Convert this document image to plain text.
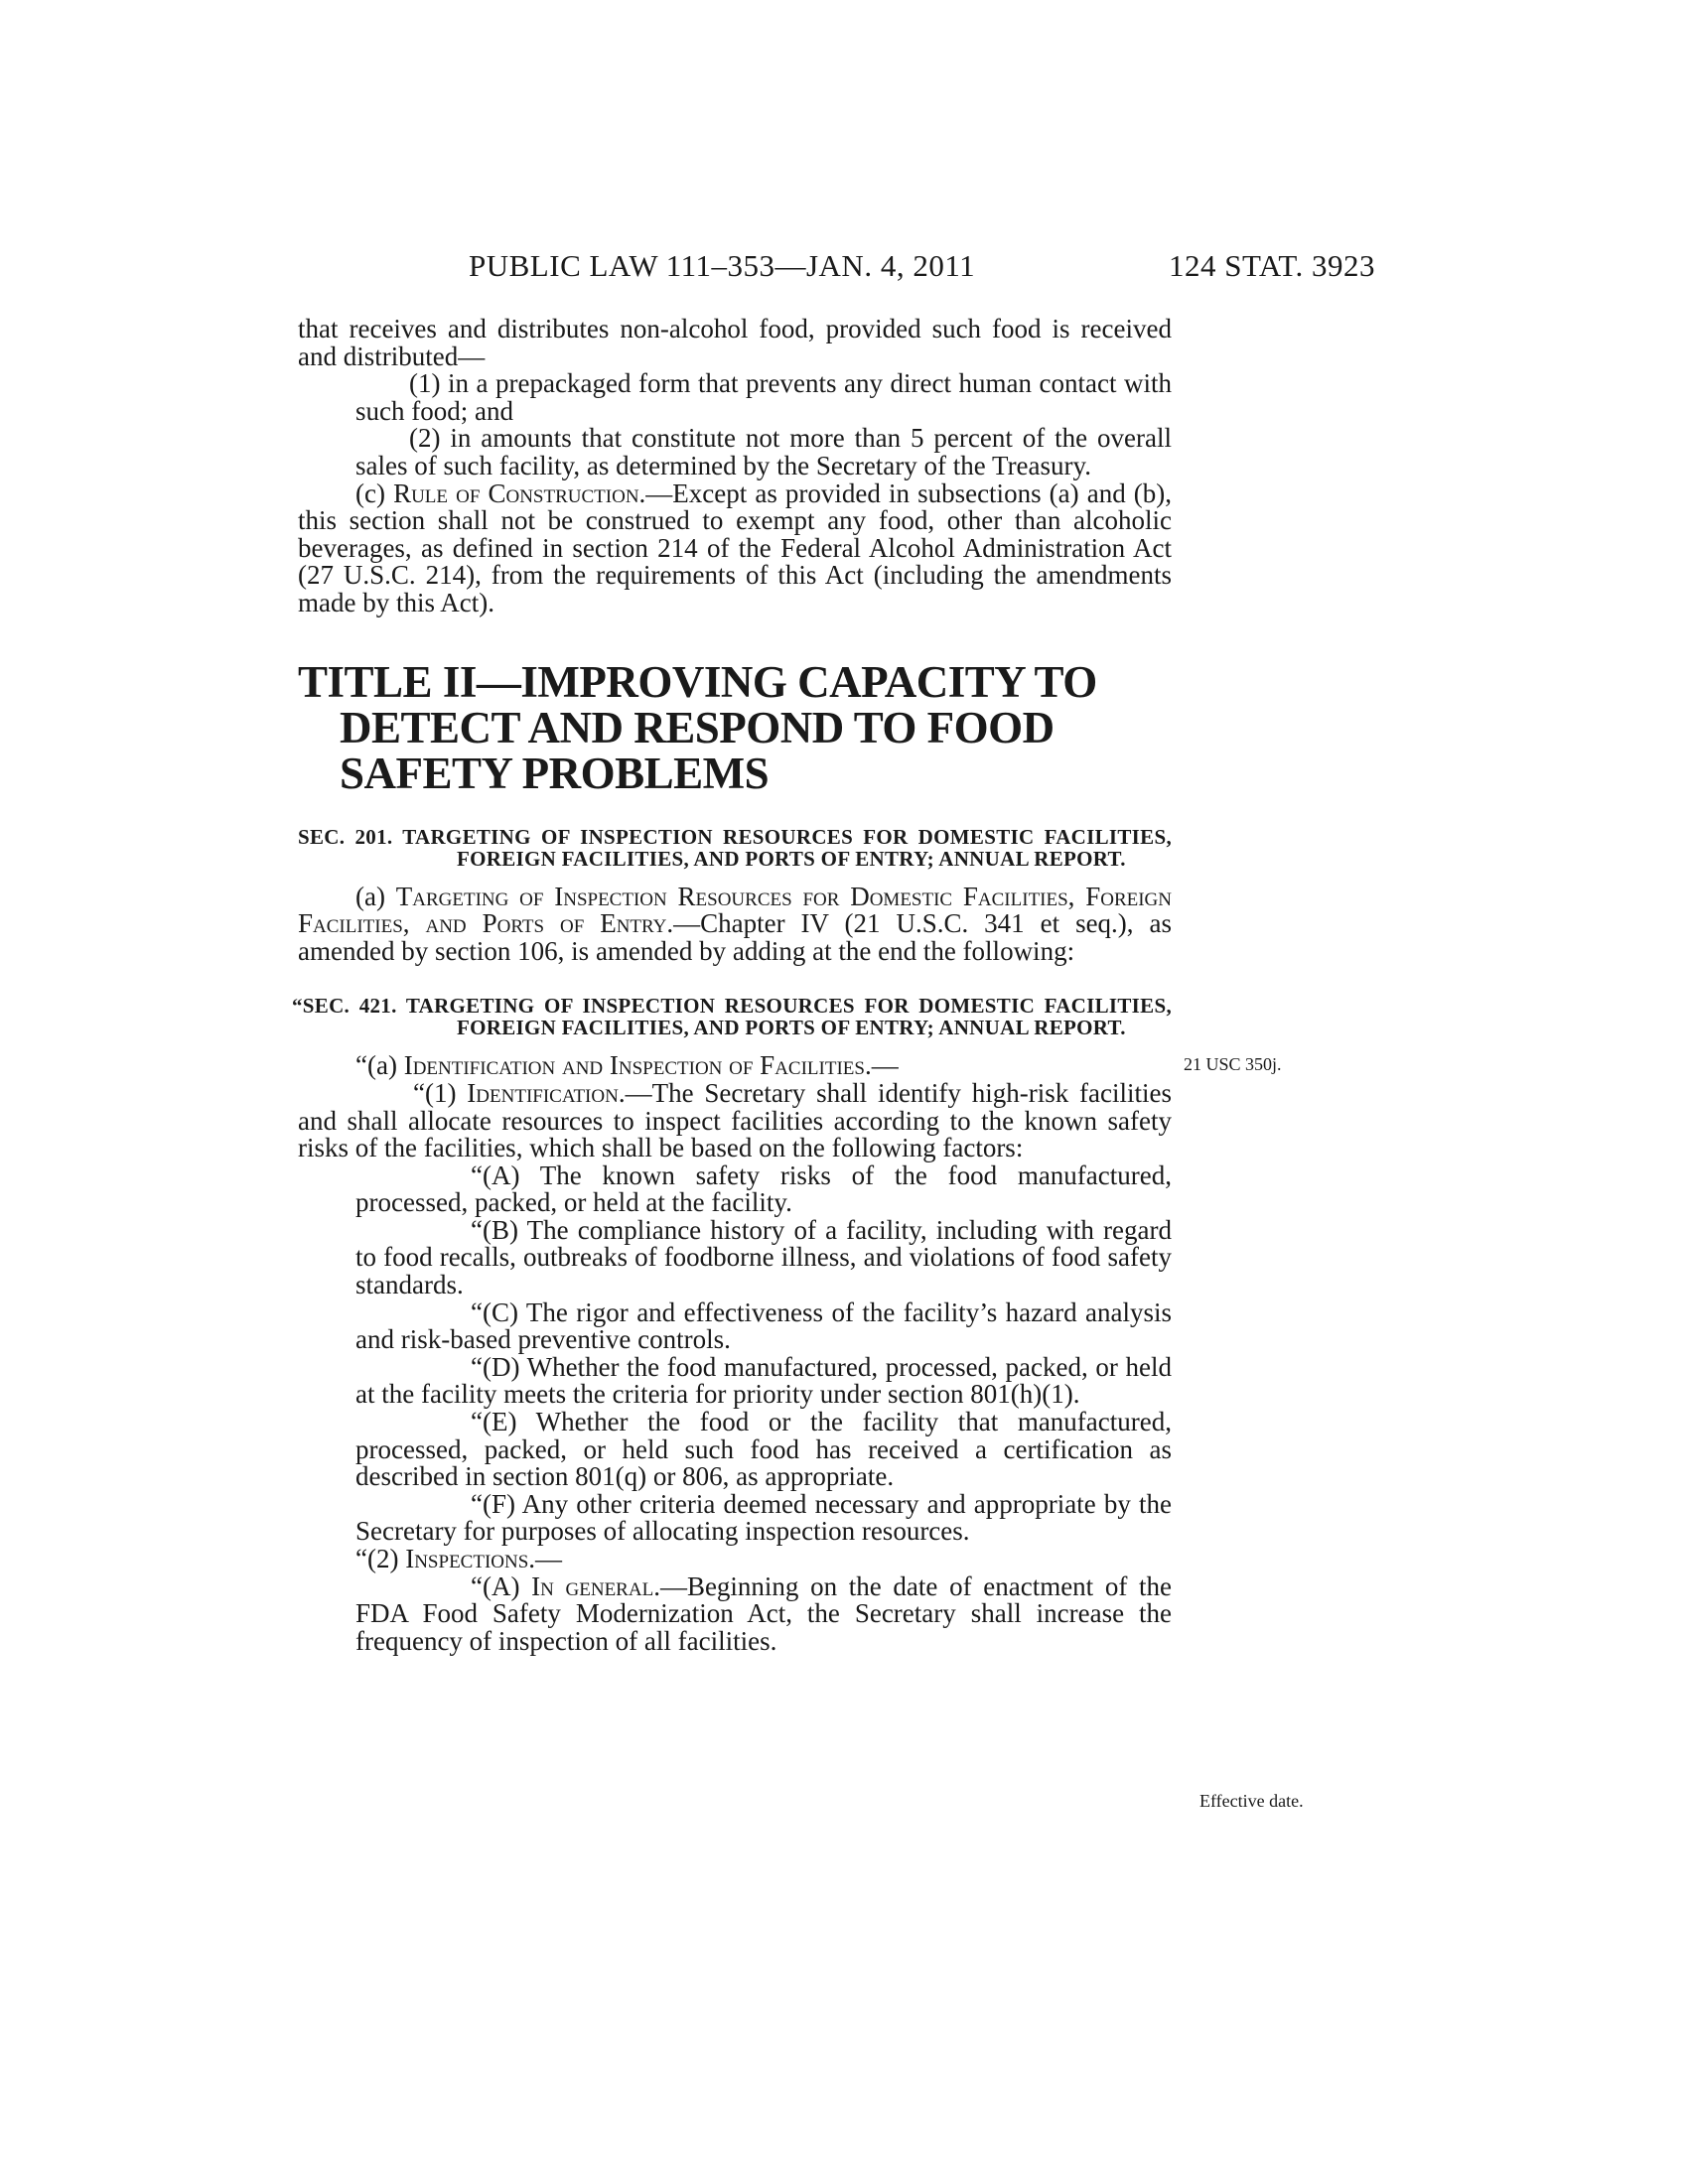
PUBLIC LAW 111–353—JAN. 4, 2011	124 STAT. 3923

that receives and distributes non-alcohol food, provided such food is received and distributed—

(1) in a prepackaged form that prevents any direct human contact with such food; and

(2) in amounts that constitute not more than 5 percent of the overall sales of such facility, as determined by the Secretary of the Treasury.

(c) Rule of Construction.—Except as provided in subsections (a) and (b), this section shall not be construed to exempt any food, other than alcoholic beverages, as defined in section 214 of the Federal Alcohol Administration Act (27 U.S.C. 214), from the requirements of this Act (including the amendments made by this Act).

TITLE II—IMPROVING CAPACITY TO DETECT AND RESPOND TO FOOD SAFETY PROBLEMS

SEC. 201. TARGETING OF INSPECTION RESOURCES FOR DOMESTIC FACILITIES, FOREIGN FACILITIES, AND PORTS OF ENTRY; ANNUAL REPORT.

(a) Targeting of Inspection Resources for Domestic Facilities, Foreign Facilities, and Ports of Entry.—Chapter IV (21 U.S.C. 341 et seq.), as amended by section 106, is amended by adding at the end the following:

“SEC. 421. TARGETING OF INSPECTION RESOURCES FOR DOMESTIC FACILITIES, FOREIGN FACILITIES, AND PORTS OF ENTRY; ANNUAL REPORT.

“(a) Identification and Inspection of Facilities.—

“(1) Identification.—The Secretary shall identify high-risk facilities and shall allocate resources to inspect facilities according to the known safety risks of the facilities, which shall be based on the following factors:

“(A) The known safety risks of the food manufactured, processed, packed, or held at the facility.

“(B) The compliance history of a facility, including with regard to food recalls, outbreaks of foodborne illness, and violations of food safety standards.

“(C) The rigor and effectiveness of the facility’s hazard analysis and risk-based preventive controls.

“(D) Whether the food manufactured, processed, packed, or held at the facility meets the criteria for priority under section 801(h)(1).

“(E) Whether the food or the facility that manufactured, processed, packed, or held such food has received a certification as described in section 801(q) or 806, as appropriate.

“(F) Any other criteria deemed necessary and appropriate by the Secretary for purposes of allocating inspection resources.

“(2) Inspections.—

“(A) In general.—Beginning on the date of enactment of the FDA Food Safety Modernization Act, the Secretary shall increase the frequency of inspection of all facilities.

21 USC 350j.
Effective date.
